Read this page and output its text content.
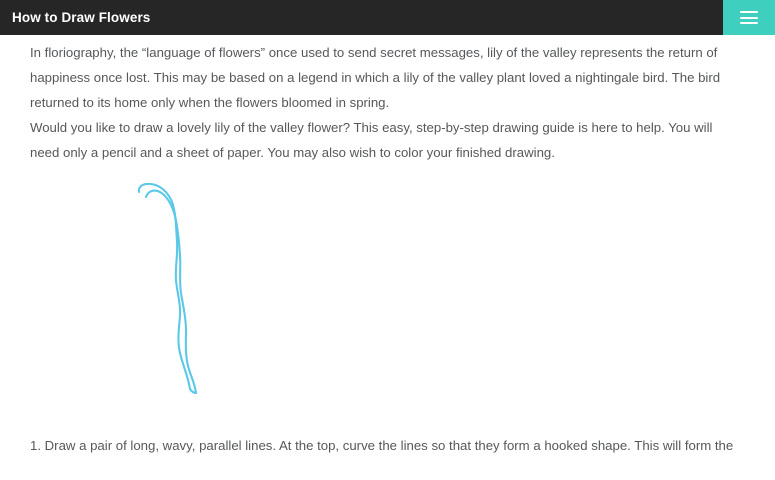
How to Draw Flowers

In floriography, the “language of flowers” once used to send secret messages, lily of the valley represents the return of happiness once lost. This may be based on a legend in which a lily of the valley plant loved a nightingale bird. The bird returned to its home only when the flowers bloomed in spring.

Would you like to draw a lovely lily of the valley flower? This easy, step-by-step drawing guide is here to help. You will need only a pencil and a sheet of paper. You may also wish to color your finished drawing.

1. Draw a pair of long, wavy, parallel lines. At the top, curve the lines so that they form a hooked shape. This will form the
